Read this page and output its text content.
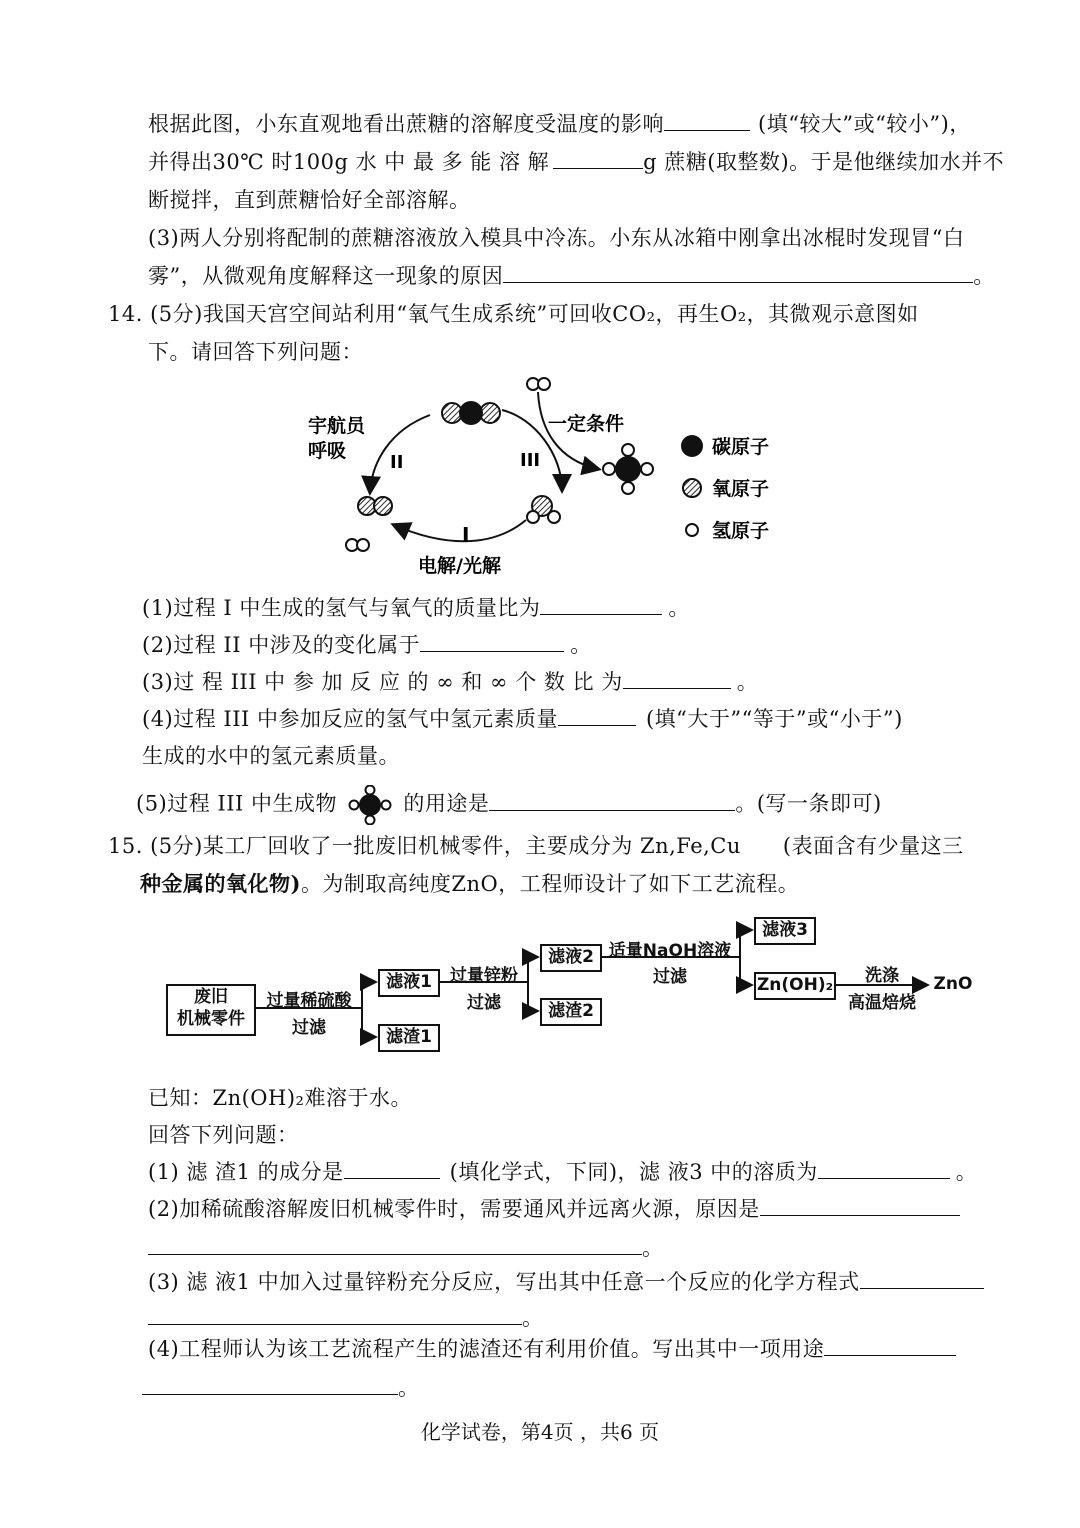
根据此图，小东直观地看出蔗糖的溶解度受温度的影响	(填“较大”或“较小”)，
并得出30℃ 时100g 水 中 最 多 能 溶 解	g 蔗糖(取整数)。于是他继续加水并不
断搅拌，直到蔗糖恰好全部溶解。
(3)两人分别将配制的蔗糖溶液放入模具中冷冻。小东从冰箱中刚拿出冰棍时发现冒“白
雾”，从微观角度解释这一现象的原因	。
14. (5分)我国天宫空间站利用“氧气生成系统”可回收CO₂，再生O₂，其微观示意图如
下。请回答下列问题：
宇航员
呼吸
II	III
I
一定条件
电解/光解
碳原子
氧原子
氢原子
(1)过程 I 中生成的氢气与氧气的质量比为	。
(2)过程 II 中涉及的变化属于	。
(3)过 程 III 中 参 加 反 应 的 ∞ 和 ∞ 个 数 比 为	。
(4)过程 III 中参加反应的氢气中氢元素质量	(填“大于”“等于”或“小于”)
生成的水中的氢元素质量。
(5)过程 III 中生成物	的用途是	。(写一条即可)
15. (5分)某工厂回收了一批废旧机械零件，主要成分为 Zn,Fe,Cu (表面含有少量这三
种金属的氧化物)。为制取高纯度ZnO，工程师设计了如下工艺流程。
废旧
机械零件
过量稀硫酸
过滤
滤液1
滤渣1
过量锌粉
过滤
滤液2
滤渣2
适量NaOH溶液
过滤
滤液3
Zn(OH)₂	洗涤
高温焙烧
ZnO
已知：Zn(OH)₂难溶于水。
回答下列问题：
(1) 滤 渣1 的成分是	(填化学式，下同)，滤 液3 中的溶质为	。
(2)加稀硫酸溶解废旧机械零件时，需要通风并远离火源，原因是
。
(3) 滤 液1 中加入过量锌粉充分反应，写出其中任意一个反应的化学方程式
。
(4)工程师认为该工艺流程产生的滤渣还有利用价值。写出其中一项用途
。
化学试卷，第4页 ，共6 页
